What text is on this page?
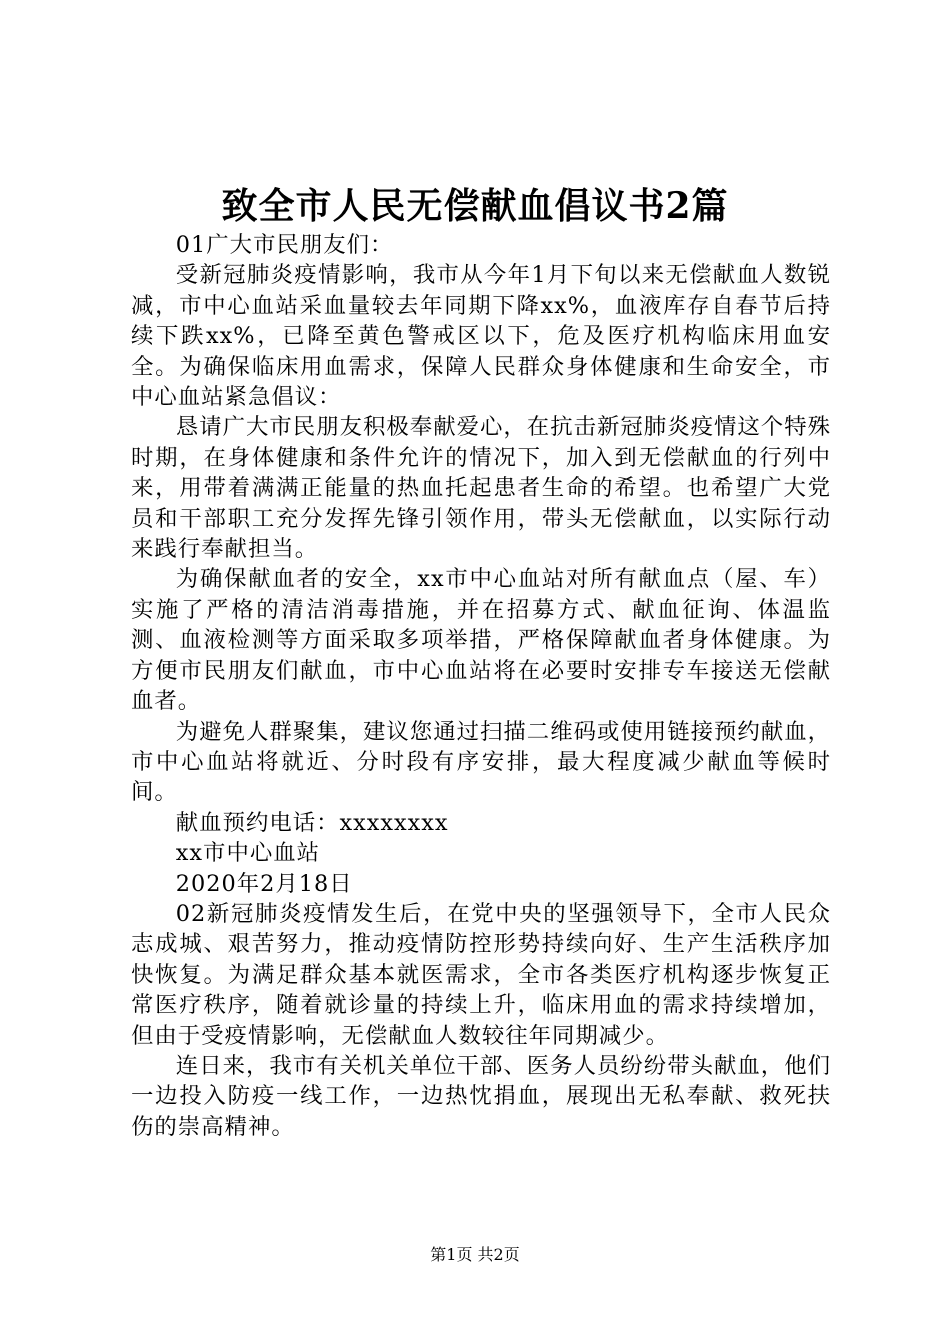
致全市人民无偿献血倡议书2篇

01广大市民朋友们：

受新冠肺炎疫情影响，我市从今年1月下旬以来无偿献血人数锐减，市中心血站采血量较去年同期下降xx%，血液库存自春节后持续下跌xx%，已降至黄色警戒区以下，危及医疗机构临床用血安全。为确保临床用血需求，保障人民群众身体健康和生命安全，市中心血站紧急倡议：

恳请广大市民朋友积极奉献爱心，在抗击新冠肺炎疫情这个特殊时期，在身体健康和条件允许的情况下，加入到无偿献血的行列中来，用带着满满正能量的热血托起患者生命的希望。也希望广大党员和干部职工充分发挥先锋引领作用，带头无偿献血，以实际行动来践行奉献担当。

为确保献血者的安全，xx市中心血站对所有献血点（屋、车）实施了严格的清洁消毒措施，并在招募方式、献血征询、体温监测、血液检测等方面采取多项举措，严格保障献血者身体健康。为方便市民朋友们献血，市中心血站将在必要时安排专车接送无偿献血者。

为避免人群聚集，建议您通过扫描二维码或使用链接预约献血，市中心血站将就近、分时段有序安排，最大程度减少献血等候时间。

献血预约电话：xxxxxxxx

xx市中心血站

2020年2月18日

02新冠肺炎疫情发生后，在党中央的坚强领导下，全市人民众志成城、艰苦努力，推动疫情防控形势持续向好、生产生活秩序加快恢复。为满足群众基本就医需求，全市各类医疗机构逐步恢复正常医疗秩序，随着就诊量的持续上升，临床用血的需求持续增加，但由于受疫情影响，无偿献血人数较往年同期减少。

连日来，我市有关机关单位干部、医务人员纷纷带头献血，他们一边投入防疫一线工作，一边热忱捐血，展现出无私奉献、救死扶伤的崇高精神。

第1页 共2页
